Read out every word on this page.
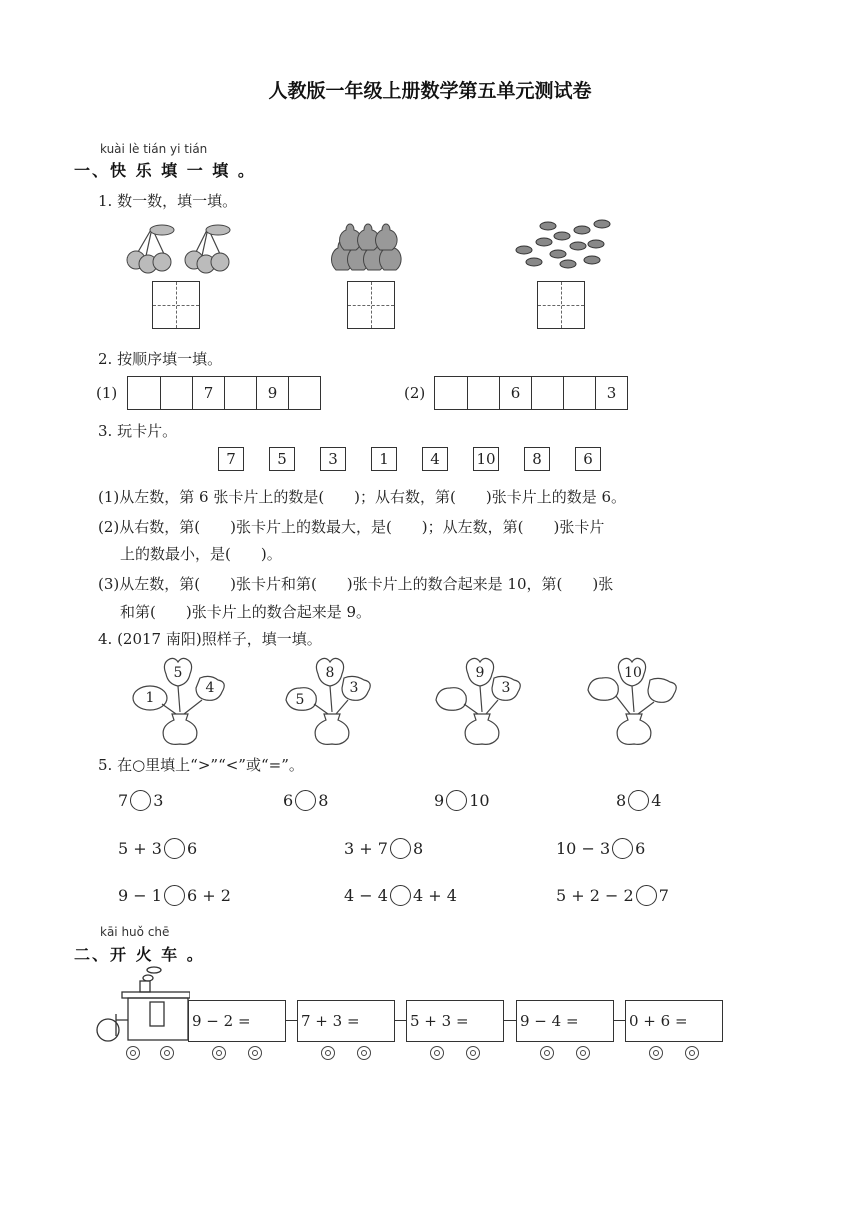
人教版一年级上册数学第五单元测试卷
kuài lè tián yi tián
一、快 乐 填 一 填 。
1. 数一数，填一填。
2. 按顺序填一填。
(1)	7	9	(2)	6	3
3. 玩卡片。
7	5	3	1	4	10	8	6
(1)从左数，第 6 张卡片上的数是(　　)；从右数，第(　　)张卡片上的数是 6。
(2)从右数，第(　　)张卡片上的数最大，是(　　)；从左数，第(　　)张卡片
上的数最小，是(　　)。
(3)从左数，第(　　)张卡片和第(　　)张卡片上的数合起来是 10，第(　　)张
和第(　　)张卡片上的数合起来是 9。
4. (2017 南阳)照样子，填一填。
5
1
4
8
5
3
9
3
10
5. 在○里填上“>”“<”或“=”。
7 3	6 8	9 10	8 4
5 + 3 6	3 + 7 8	10 − 3 6
9 − 1 6 + 2	4 − 4 4 + 4	5 + 2 − 2 7
kāi huǒ chē
二、开 火 车 。
9 − 2 =	7 + 3 =	5 + 3 =	9 − 4 =	0 + 6 =
